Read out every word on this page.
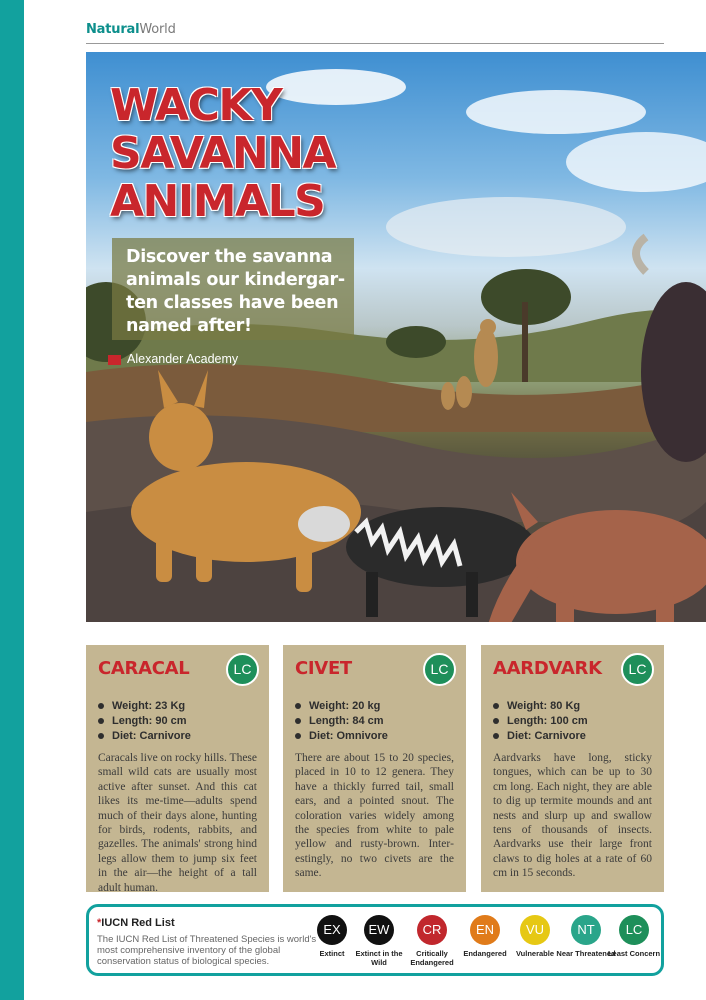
NaturalWorld
WACKY
SAVANNA
ANIMALS

Discover the savanna animals our kindergarten classes have been named after!

Alexander Academy
CARACAL	LC
Weight: 23 Kg
Length: 90 cm
Diet: Carnivore

Caracals live on rocky hills. These small wild cats are usually most active after sunset. And this cat likes its me-time—adults spend much of their days alone, hunting for birds, rodents, rabbits, and gazelles. The animals' strong hind legs allow them to jump six feet in the air—the height of a tall adult human.

CIVET	LC
Weight: 20 kg
Length: 84 cm
Diet: Omnivore

There are about 15 to 20 species, placed in 10 to 12 genera. They have a thickly furred tail, small ears, and a pointed snout. The coloration varies widely among the species from white to pale yellow and rusty-brown. Interestingly, no two civets are the same.

AARDVARK	LC
Weight: 80 Kg
Length: 100 cm
Diet: Carnivore

Aardvarks have long, sticky tongues, which can be up to 30 cm long. Each night, they are able to dig up termite mounds and ant nests and slurp up and swallow tens of thousands of insects. Aardvarks use their large front claws to dig holes at a rate of 60 cm in 15 seconds.

*IUCN Red List
The IUCN Red List of Threatened Species is world's most comprehensive inventory of the global conservation status of biological species.
EX
Extinct
EW
Extinct in the Wild
CR
Critically Endangered
EN
Endangered
VU
Vulnerable
NT
Near Threatened
LC
Least Concern
